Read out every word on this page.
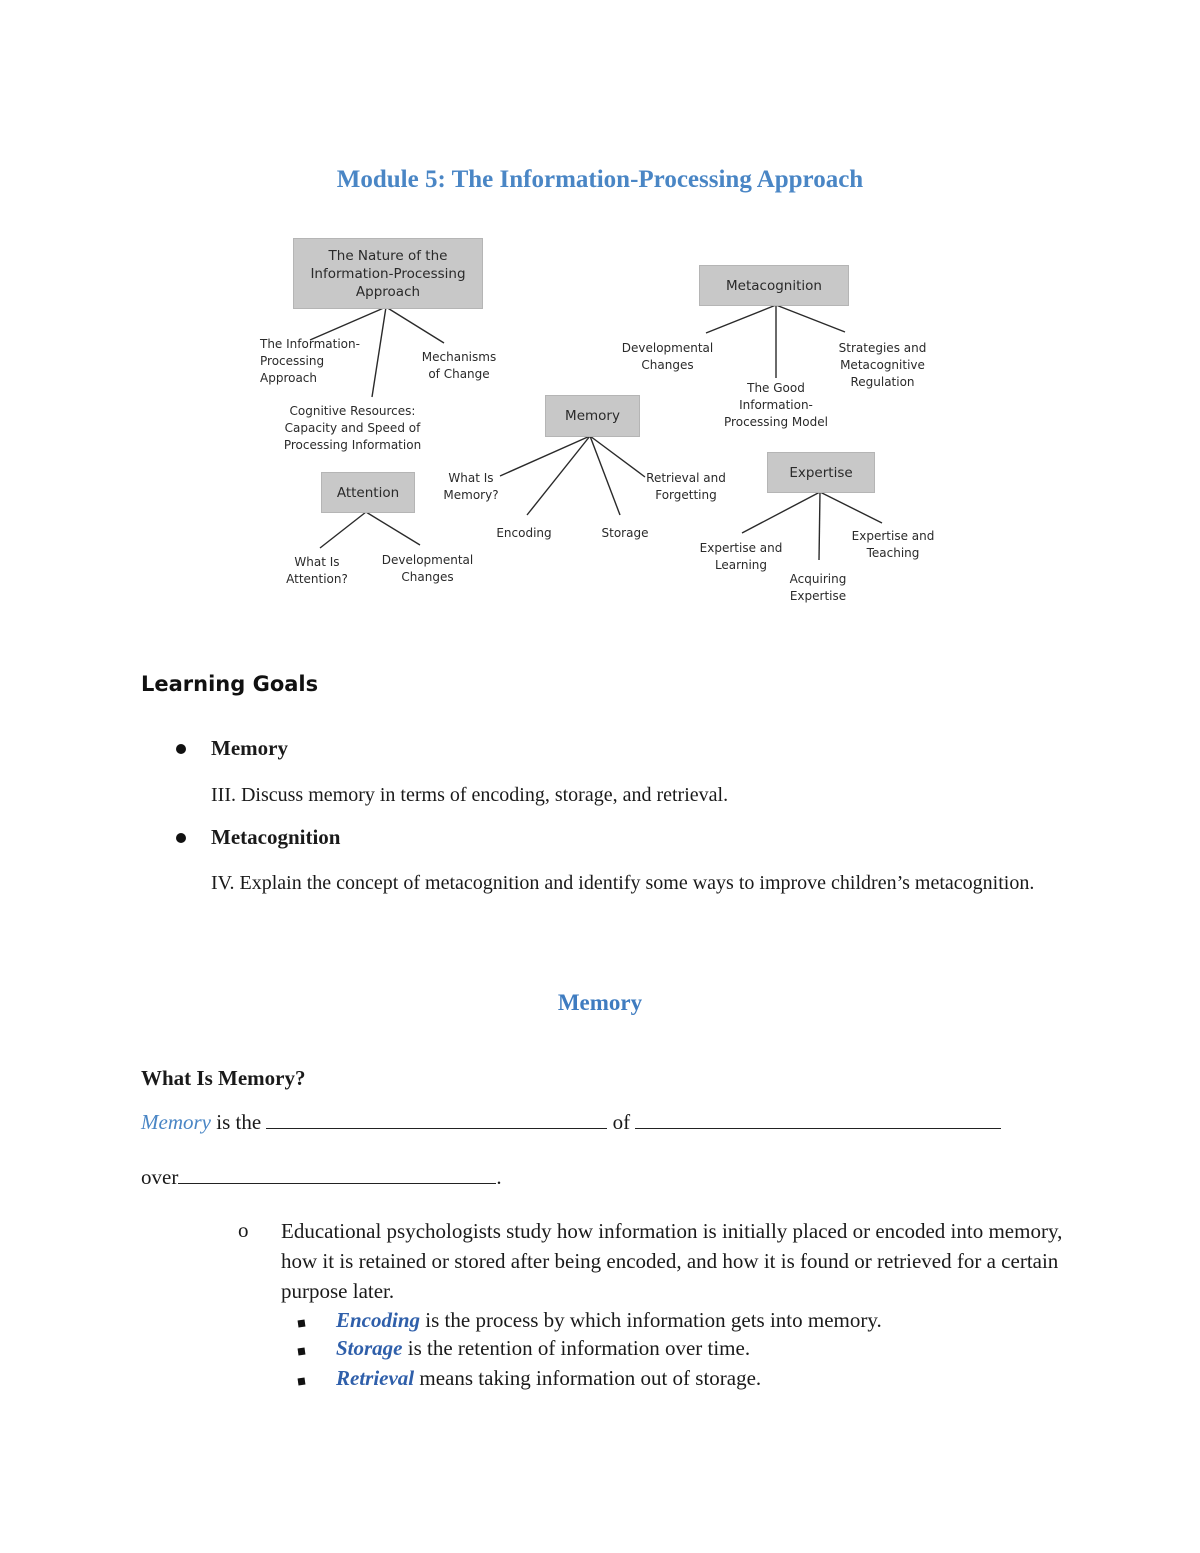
Module 5: The Information-Processing Approach
The Nature of the
Information-Processing
Approach	Metacognition
Memory
Expertise
Attention
The Information-
Processing
Approach
Mechanisms
of Change
Cognitive Resources:
Capacity and Speed of
Processing Information
What Is
Attention?
Developmental
Changes
What Is
Memory?
Encoding	Storage
Retrieval and
Forgetting
Developmental
Changes
The Good
Information-
Processing Model
Strategies and
Metacognitive
Regulation
Expertise and
Learning
Acquiring
Expertise
Expertise and
Teaching
Learning Goals
Memory
III. Discuss memory in terms of encoding, storage, and retrieval.
Metacognition
IV. Explain the concept of metacognition and identify some ways to improve children’s metacognition.
Memory
What Is Memory?
Memory is the	of
over	.
o Educational psychologists study how information is initially placed or encoded into memory, how it is retained or stored after being encoded, and how it is found or retrieved for a certain purpose later.
Encoding is the process by which information gets into memory.
Storage is the retention of information over time.
Retrieval means taking information out of storage.
